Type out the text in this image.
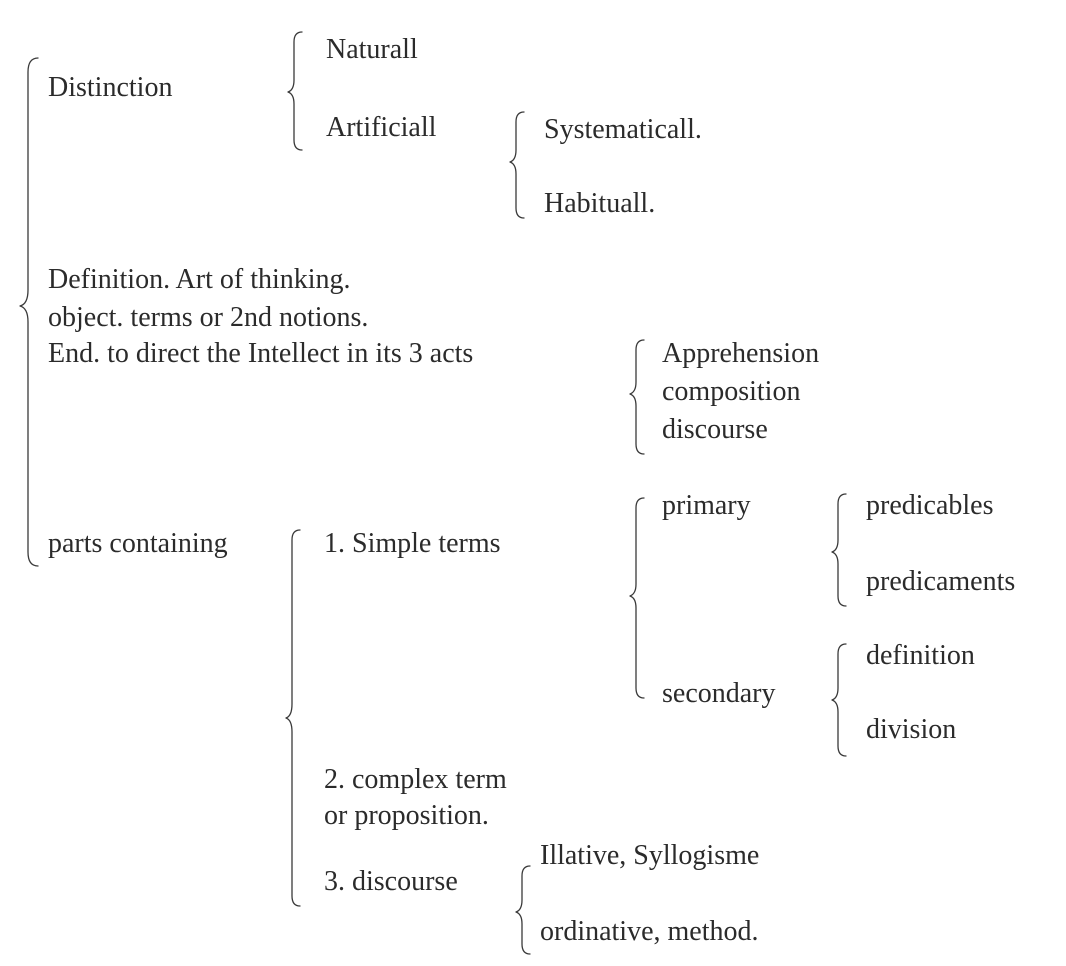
Distinction
Naturall
Artificiall	Systematicall.
Habituall.
Definition. Art of thinking.
object. terms or 2nd notions.
End. to direct the Intellect in its 3 acts	Apprehension
composition
discourse
parts containing	1. Simple terms
primary	predicables
predicaments
secondary
definition
division
2. complex term
or proposition.
3. discourse
Illative, Syllogisme
ordinative, method.
